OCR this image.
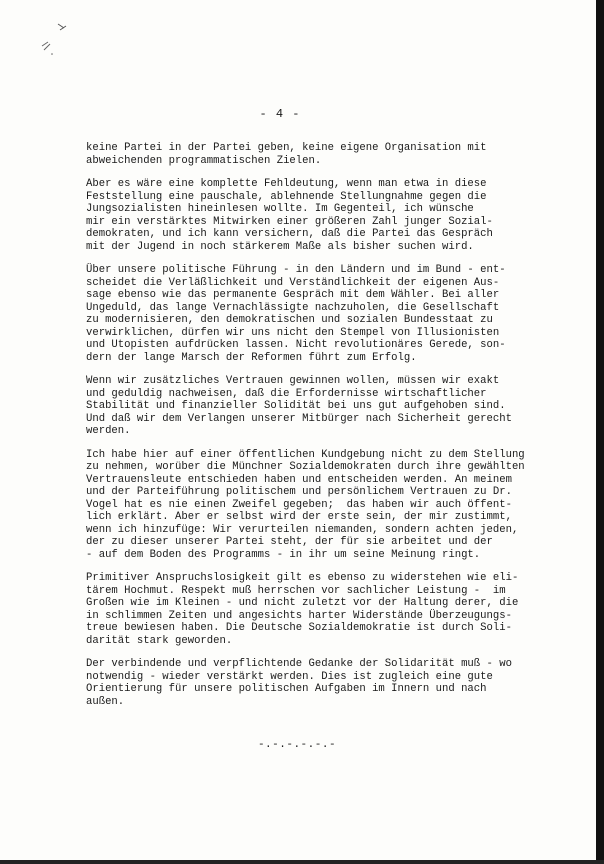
- 4 -

keine Partei in der Partei geben, keine eigene Organisation mit
abweichenden programmatischen Zielen.

Aber es wäre eine komplette Fehldeutung, wenn man etwa in diese
Feststellung eine pauschale, ablehnende Stellungnahme gegen die
Jungsozialisten hineinlesen wollte. Im Gegenteil, ich wünsche
mir ein verstärktes Mitwirken einer größeren Zahl junger Sozial-
demokraten, und ich kann versichern, daß die Partei das Gespräch
mit der Jugend in noch stärkerem Maße als bisher suchen wird.

Über unsere politische Führung - in den Ländern und im Bund - ent-
scheidet die Verläßlichkeit und Verständlichkeit der eigenen Aus-
sage ebenso wie das permanente Gespräch mit dem Wähler. Bei aller
Ungeduld, das lange Vernachlässigte nachzuholen, die Gesellschaft
zu modernisieren, den demokratischen und sozialen Bundesstaat zu
verwirklichen, dürfen wir uns nicht den Stempel von Illusionisten
und Utopisten aufdrücken lassen. Nicht revolutionäres Gerede, son-
dern der lange Marsch der Reformen führt zum Erfolg.

Wenn wir zusätzliches Vertrauen gewinnen wollen, müssen wir exakt
und geduldig nachweisen, daß die Erfordernisse wirtschaftlicher
Stabilität und finanzieller Solidität bei uns gut aufgehoben sind.
Und daß wir dem Verlangen unserer Mitbürger nach Sicherheit gerecht
werden.

Ich habe hier auf einer öffentlichen Kundgebung nicht zu dem Stellung
zu nehmen, worüber die Münchner Sozialdemokraten durch ihre gewählten
Vertrauensleute entschieden haben und entscheiden werden. An meinem
und der Parteiführung politischem und persönlichem Vertrauen zu Dr.
Vogel hat es nie einen Zweifel gegeben;  das haben wir auch öffent-
lich erklärt. Aber er selbst wird der erste sein, der mir zustimmt,
wenn ich hinzufüge: Wir verurteilen niemanden, sondern achten jeden,
der zu dieser unserer Partei steht, der für sie arbeitet und der
- auf dem Boden des Programms - in ihr um seine Meinung ringt.

Primitiver Anspruchslosigkeit gilt es ebenso zu widerstehen wie eli-
tärem Hochmut. Respekt muß herrschen vor sachlicher Leistung -  im
Großen wie im Kleinen - und nicht zuletzt vor der Haltung derer, die
in schlimmen Zeiten und angesichts harter Widerstände Überzeugungs-
treue bewiesen haben. Die Deutsche Sozialdemokratie ist durch Soli-
darität stark geworden.

Der verbindende und verpflichtende Gedanke der Solidarität muß - wo
notwendig - wieder verstärkt werden. Dies ist zugleich eine gute
Orientierung für unsere politischen Aufgaben im Innern und nach
außen.

-.-.-.-.-.-
